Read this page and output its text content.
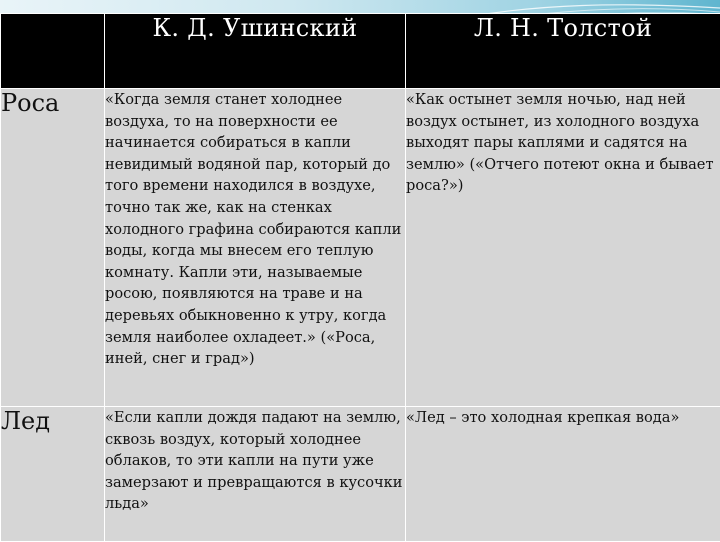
	К. Д. Ушинский	Л. Н. Толстой
Роса	«Когда земля станет холоднее воздуха, то на поверхности ее начинается собираться в капли невидимый водяной пар, который до того времени находился в воздухе, точно так же, как на стенках холодного графина собираются капли воды, когда мы внесем его теплую комнату. Капли эти, называемые росою, появляются на траве и на деревьях обыкновенно к утру, когда земля наиболее охладеет.» («Роса, иней, снег и град»)	«Как остынет земля ночью, над ней воздух остынет, из холодного воздуха выходят пары каплями и садятся на землю» («Отчего потеют окна и бывает роса?»)
Лед	«Если капли дождя падают на землю, сквозь воздух, который холоднее облаков, то эти капли на пути уже замерзают и превращаются в кусочки льда»	«Лед – это холодная крепкая вода»
